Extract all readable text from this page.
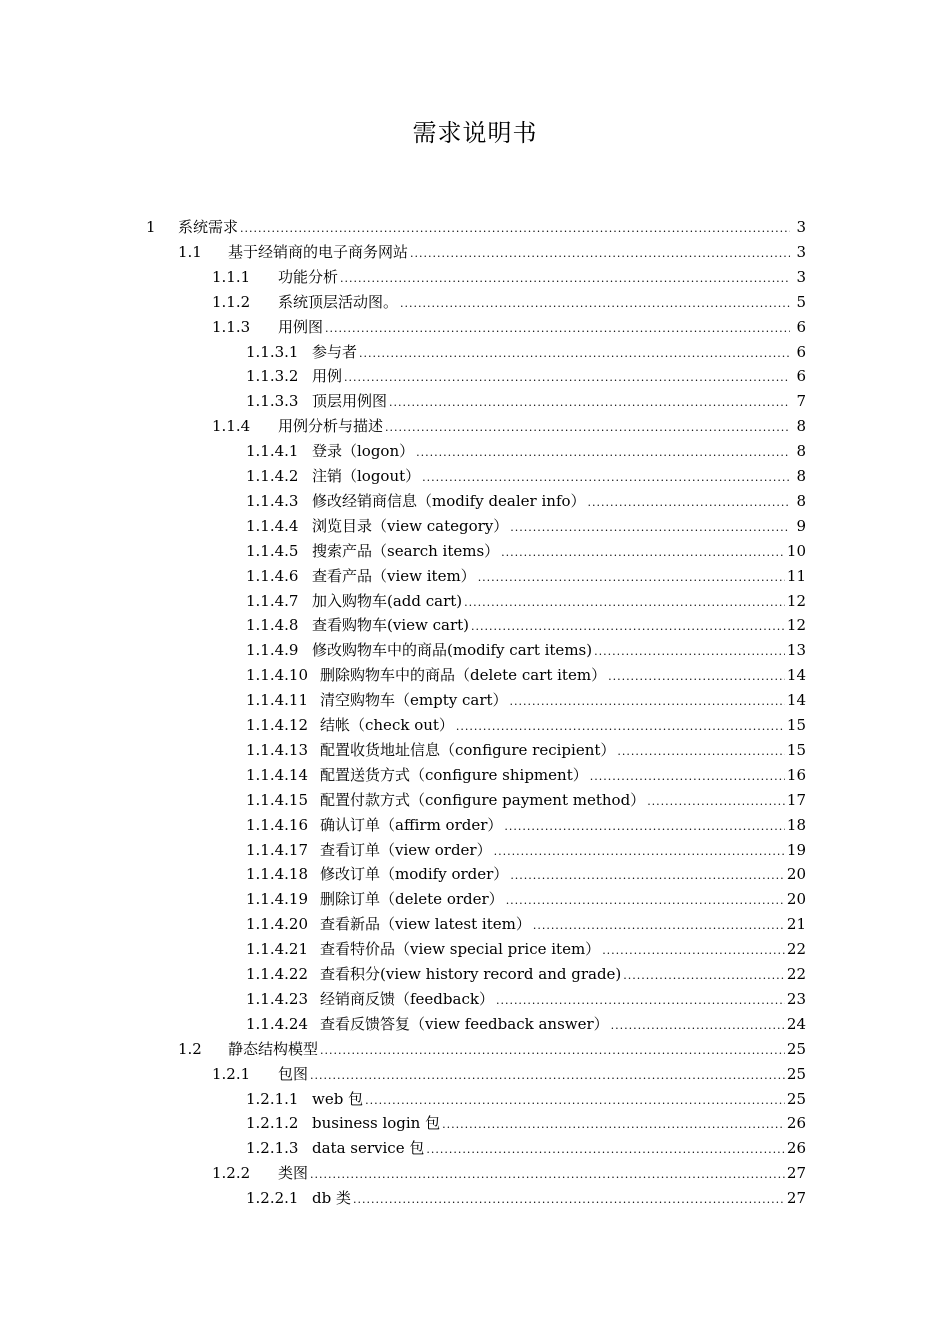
需求说明书
1	系统需求 .....	3
1.1	基于经销商的电子商务网站 .....	3
1.1.1	功能分析 .....	3
1.1.2	系统顶层活动图。 .....	5
1.1.3	用例图 .....	6
1.1.3.1 参与者 .....	6
1.1.3.2 用例 .....	6
1.1.3.3 顶层用例图 .....	7
1.1.4	用例分析与描述 .....	8
1.1.4.1 登录（logon） .....	8
1.1.4.2 注销（logout） .....	8
1.1.4.3 修改经销商信息（modify dealer info） .....	8
1.1.4.4 浏览目录（view category） .....	9
1.1.4.5 搜索产品（search items） .....	10
1.1.4.6 查看产品（view item） .....	11
1.1.4.7 加入购物车(add cart) .....	12
1.1.4.8 查看购物车(view cart) .....	12
1.1.4.9 修改购物车中的商品(modify cart items) .....	13
1.1.4.10 删除购物车中的商品（delete cart item） .....	14
1.1.4.11 清空购物车（empty cart） .....	14
1.1.4.12 结帐（check out） .....	15
1.1.4.13 配置收货地址信息（configure recipient） .....	15
1.1.4.14 配置送货方式（configure shipment） .....	16
1.1.4.15 配置付款方式（configure payment method） .....	17
1.1.4.16 确认订单（affirm order） .....	18
1.1.4.17 查看订单（view order） .....	19
1.1.4.18 修改订单（modify order） .....	20
1.1.4.19 删除订单（delete order） .....	20
1.1.4.20 查看新品（view latest item） .....	21
1.1.4.21 查看特价品（view special price item） .....	22
1.1.4.22 查看积分(view history record and grade) .....	22
1.1.4.23 经销商反馈（feedback） .....	23
1.1.4.24 查看反馈答复（view feedback answer） .....	24
1.2	静态结构模型 .....	25
1.2.1	包图 .....	25
1.2.1.1 web 包 .....	25
1.2.1.2 business login 包 .....	26
1.2.1.3 data service 包 .....	26
1.2.2	类图 .....	27
1.2.2.1 db 类 .....	27
